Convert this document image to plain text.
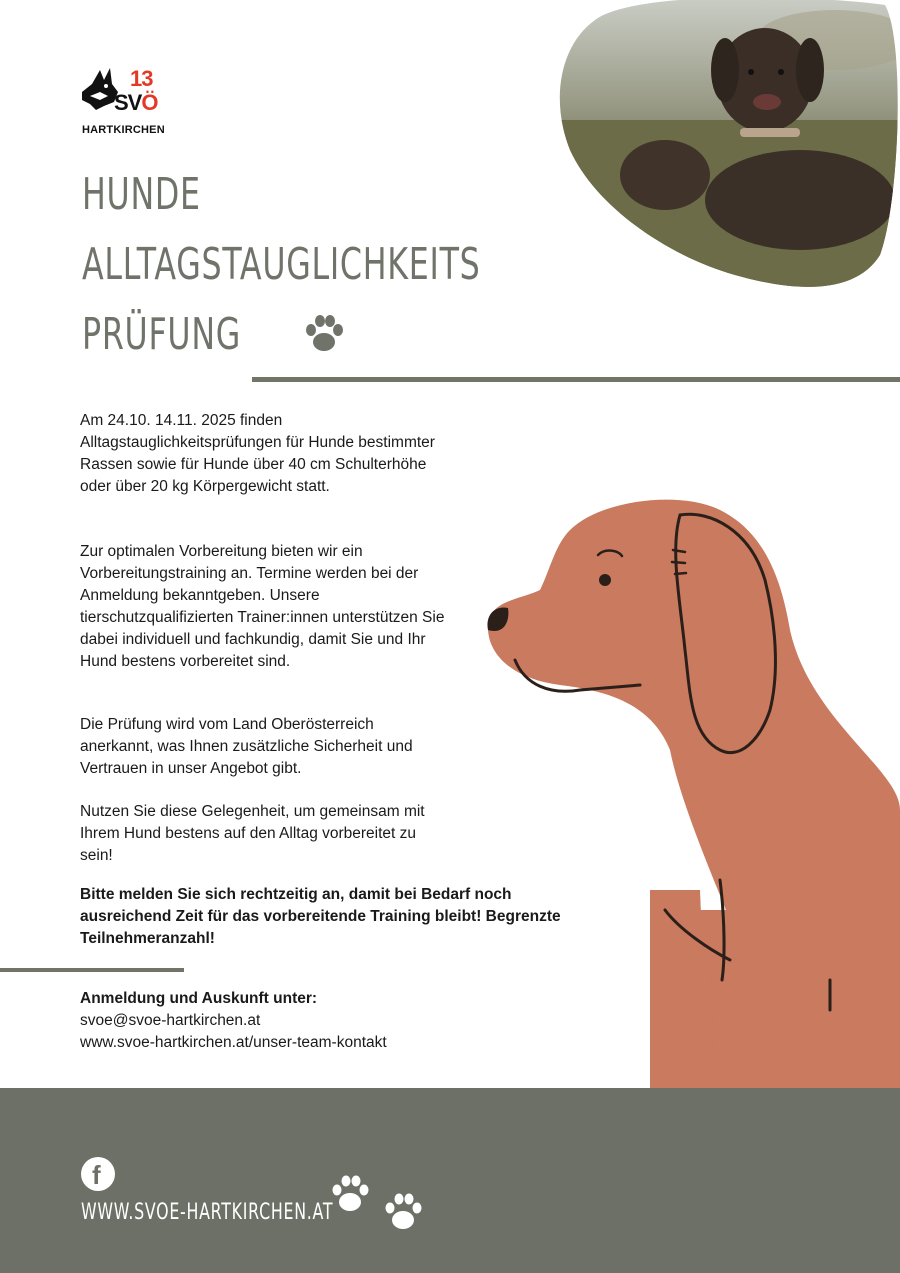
13
SVÖ
HARTKIRCHEN
HUNDE
ALLTAGSTAUGLICHKEITS
PRÜFUNG
Am 24.10. 14.11. 2025 finden Alltagstauglichkeitsprüfungen für Hunde bestimmter Rassen sowie für Hunde über 40 cm Schulterhöhe oder über 20 kg Körpergewicht statt.
Zur optimalen Vorbereitung bieten wir ein Vorbereitungstraining an. Termine werden bei der Anmeldung bekanntgeben. Unsere tierschutzqualifizierten Trainer:innen unterstützen Sie dabei individuell und fachkundig, damit Sie und Ihr Hund bestens vorbereitet sind.
Die Prüfung wird vom Land Oberösterreich anerkannt, was Ihnen zusätzliche Sicherheit und Vertrauen in unser Angebot gibt.
Nutzen Sie diese Gelegenheit, um gemeinsam mit Ihrem Hund bestens auf den Alltag vorbereitet zu sein!
Bitte melden Sie sich rechtzeitig an, damit bei Bedarf noch ausreichend Zeit für das vorbereitende Training bleibt! Begrenzte Teilnehmeranzahl!
Anmeldung und Auskunft unter:
svoe@svoe-hartkirchen.at
www.svoe-hartkirchen.at/unser-team-kontakt
f
WWW.SVOE-HARTKIRCHEN.AT
